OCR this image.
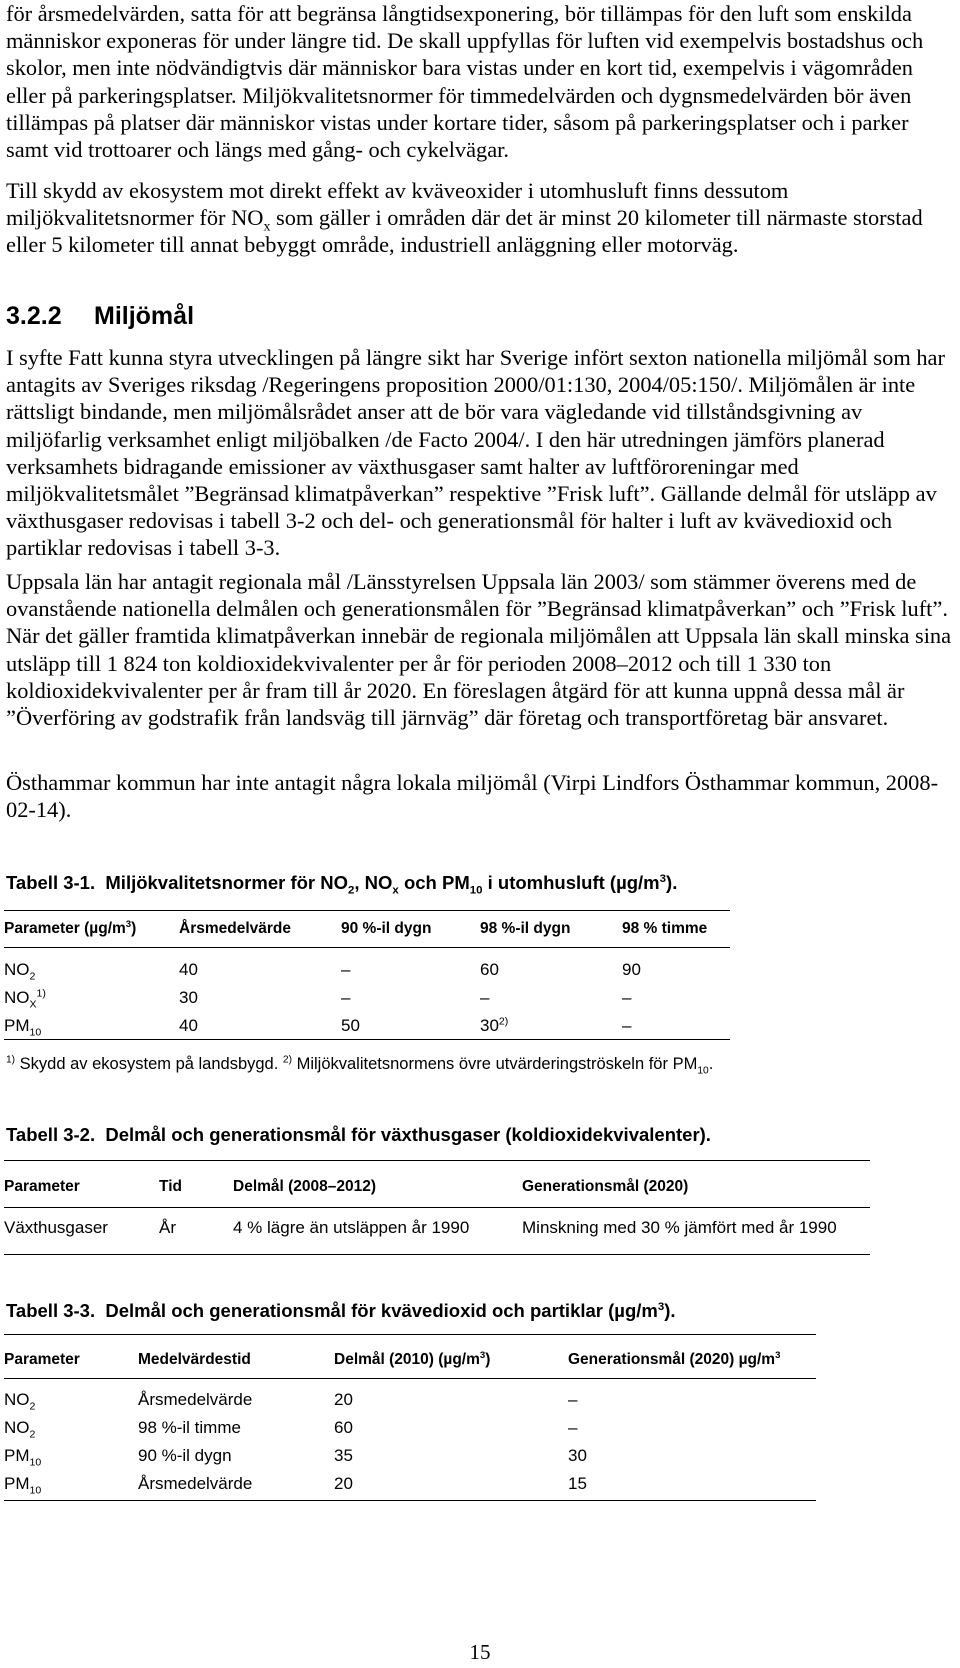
för årsmedelvärden, satta för att begränsa långtidsexponering, bör tillämpas för den luft som enskilda människor exponeras för under längre tid. De skall uppfyllas för luften vid exempelvis bostadshus och skolor, men inte nödvändigtvis där människor bara vistas under en kort tid, exempelvis i vägområden eller på parkeringsplatser. Miljökvalitetsnormer för timmedelvärden och dygnsmedelvärden bör även tillämpas på platser där människor vistas under kortare tider, såsom på parkeringsplatser och i parker samt vid trottoarer och längs med gång- och cykelvägar.

Till skydd av ekosystem mot direkt effekt av kväveoxider i utomhusluft finns dessutom miljökvalitetsnormer för $NO_x$ som gäller i områden där det är minst 20 kilometer till närmaste storstad eller 5 kilometer till annat bebyggt område, industriell anläggning eller motorväg.

3.2.2 Miljömål

I syfte Fatt kunna styra utvecklingen på längre sikt har Sverige infört sexton nationella miljömål som har antagits av Sveriges riksdag /Regeringens proposition 2000/01:130, 2004/05:150/. Miljömålen är inte rättsligt bindande, men miljömålsrådet anser att de bör vara vägledande vid tillståndsgivning av miljöfarlig verksamhet enligt miljöbalken /de Facto 2004/. I den här utredningen jämförs planerad verksamhets bidragande emissioner av växthusgaser samt halter av luftföroreningar med miljökvalitetsmålet ”Begränsad klimatpåverkan” respektive ”Frisk luft”. Gällande delmål för utsläpp av växthusgaser redovisas i tabell 3-2 och del- och generationsmål för halter i luft av kvävedioxid och partiklar redovisas i tabell 3-3.

Uppsala län har antagit regionala mål /Länsstyrelsen Uppsala län 2003/ som stämmer överens med de ovanstående nationella delmålen och generationsmålen för ”Begränsad klimatpåverkan” och ”Frisk luft”. När det gäller framtida klimatpåverkan innebär de regionala miljömålen att Uppsala län skall minska sina utsläpp till 1 824 ton koldioxidekvivalenter per år för perioden 2008–2012 och till 1 330 ton koldioxidekvivalenter per år fram till år 2020. En föreslagen åtgärd för att kunna uppnå dessa mål är ”Överföring av godstrafik från landsväg till järnväg” där företag och transportföretag bär ansvaret.

Östhammar kommun har inte antagit några lokala miljömål (Virpi Lindfors Östhammar kommun, 2008-02-14).

Tabell 3-1. Miljökvalitetsnormer för $NO_2$, $NO_x$ och $PM_{10}$ i utomhusluft $(\mu g/m^3)$.
Parameter $(\mu g/m^3)$	Årsmedelvärde	90 %-il dygn	98 %-il dygn	98 % timme
$NO_2$	40	–	60	90
$NO_X^{1)}$	30	–	–	–
$PM_{10}$	40	50	30$^{2)}$	–
$^{1)}$ Skydd av ekosystem på landsbygd. $^{2)}$ Miljökvalitetsnormens övre utvärderingströskeln för $PM_{10}$.
Tabell 3-2. Delmål och generationsmål för växthusgaser (koldioxidekvivalenter).
Parameter	Tid	Delmål (2008–2012)	Generationsmål (2020)
Växthusgaser	År	4 % lägre än utsläppen år 1990	Minskning med 30 % jämfört med år 1990
Tabell 3-3. Delmål och generationsmål för kvävedioxid och partiklar $(\mu g/m^3)$.
Parameter	Medelvärdestid	Delmål (2010) $(\mu g/m^3)$	Generationsmål (2020) $\mu g/m^3$
$NO_2$	Årsmedelvärde	20	–
$NO_2$	98 %-il timme	60	–
$PM_{10}$	90 %-il dygn	35	30
$PM_{10}$	Årsmedelvärde	20	15
15
